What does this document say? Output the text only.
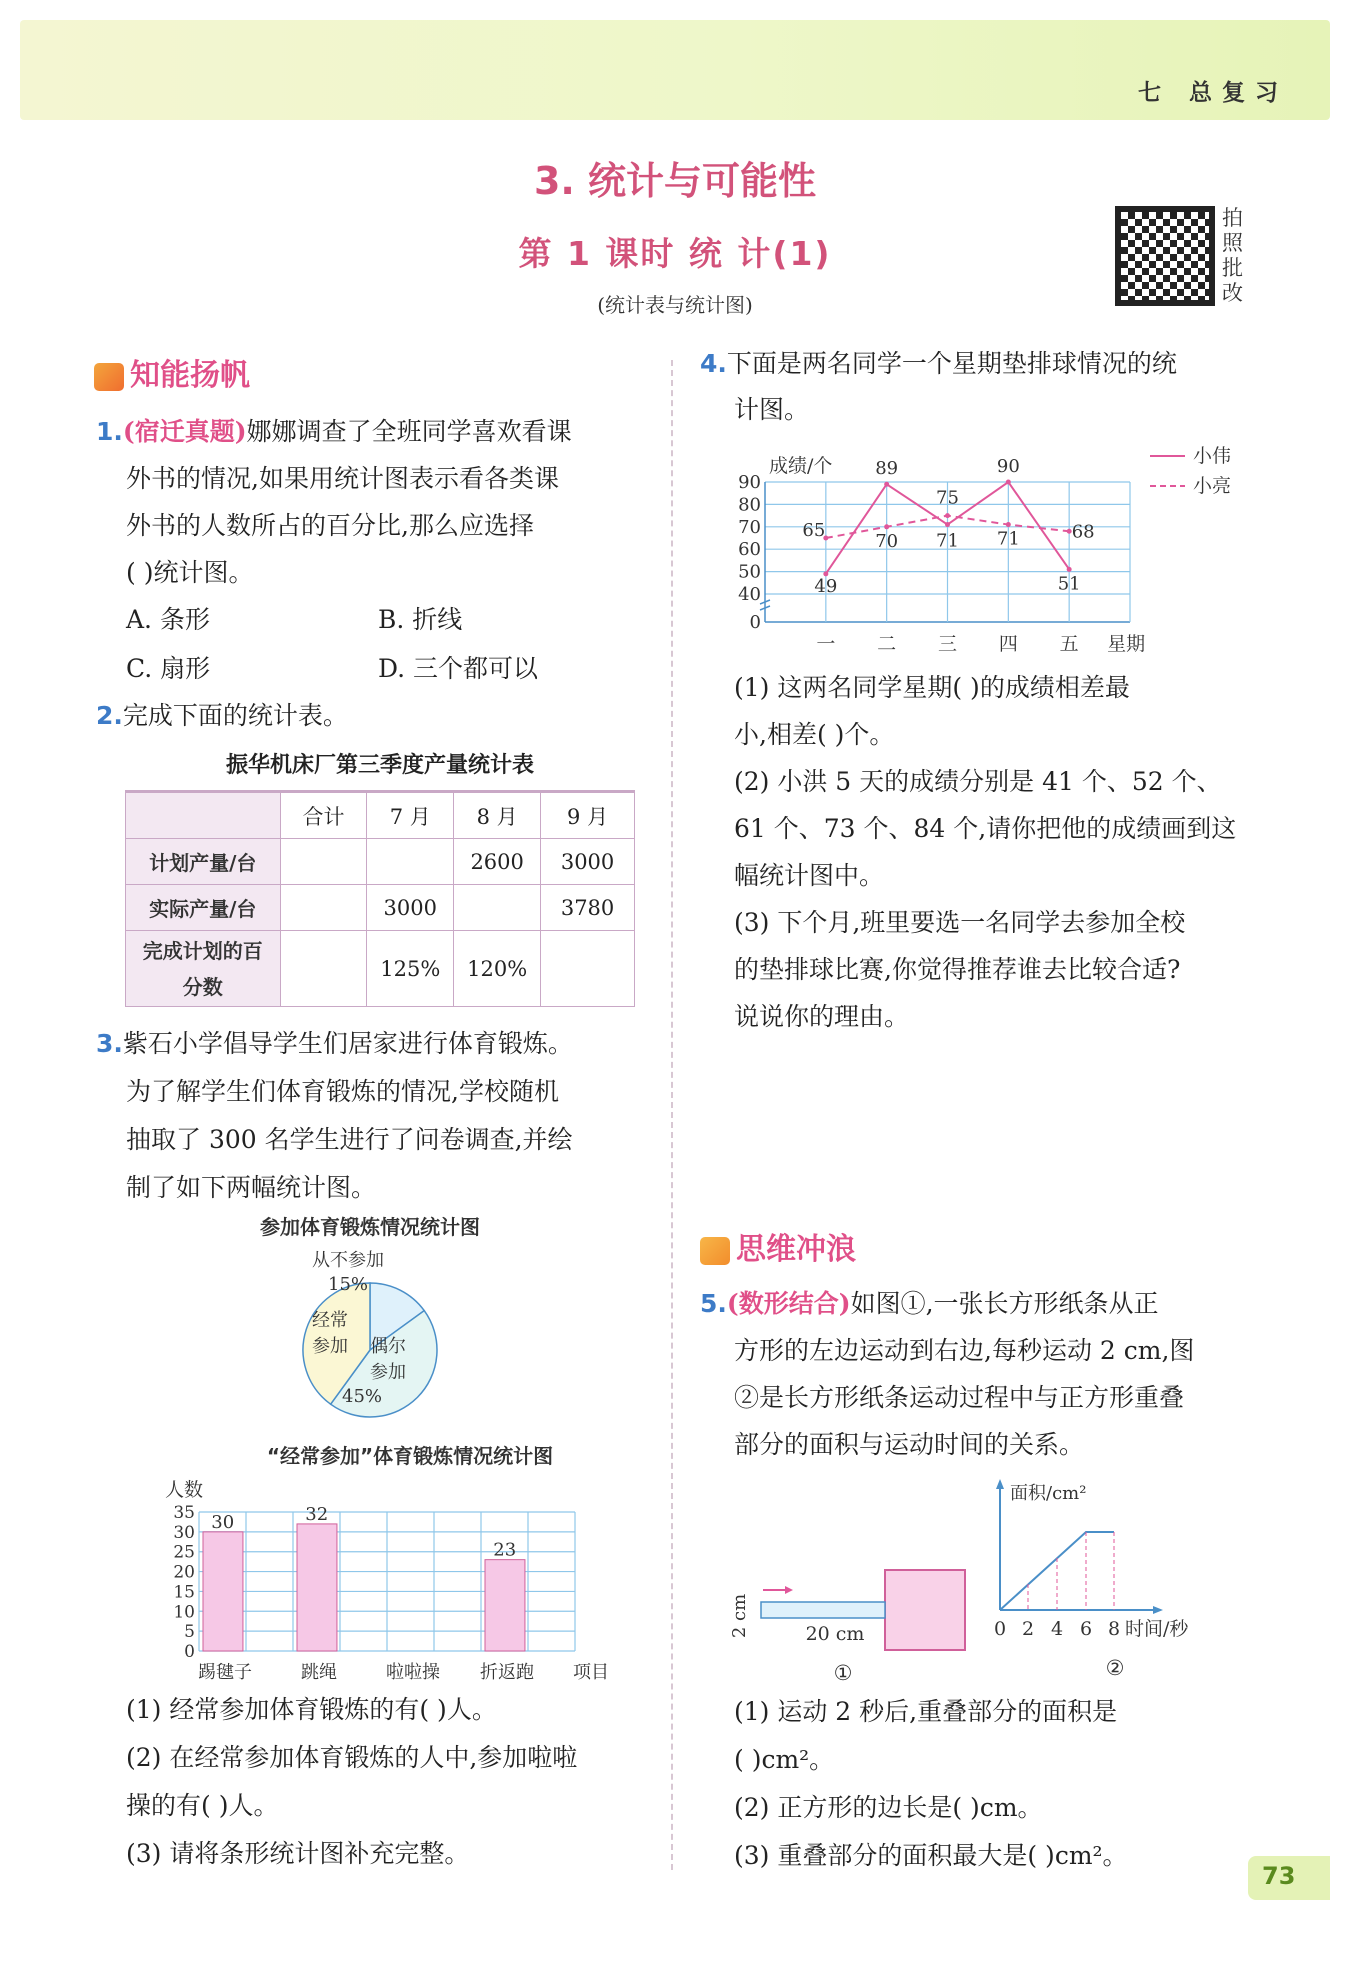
七 总复习
3. 统计与可能性
第 1 课时 统 计(1)
(统计表与统计图)
拍照批改
知能扬帆
1.(宿迁真题)娜娜调查了全班同学喜欢看课
外书的情况,如果用统计图表示看各类课
外书的人数所占的百分比,那么应选择
( )统计图。
A. 条形	B. 折线
C. 扇形	D. 三个都可以
2.完成下面的统计表。
振华机床厂第三季度产量统计表
	合计	7 月	8 月	9 月
计划产量/台			2600	3000
实际产量/台		3000		3780
完成计划的百分数		125%	120%	
3.紫石小学倡导学生们居家进行体育锻炼。
为了解学生们体育锻炼的情况,学校随机
抽取了 300 名学生进行了问卷调查,并绘
制了如下两幅统计图。
参加体育锻炼情况统计图
从不参加
15%
偶尔
参加
45%
经常
参加
“经常参加”体育锻炼情况统计图
0
5
10
15
20
25
30
35
人数
30
踢毽子
32
跳绳	啦啦操
23
折返跑 项目
(1) 经常参加体育锻炼的有( )人。
(2) 在经常参加体育锻炼的人中,参加啦啦
操的有( )人。
(3) 请将条形统计图补充完整。
4.下面是两名同学一个星期垫排球情况的统
计图。
0
40
50
60
70
80
90
成绩/个
一 二 三 四 五 星期
49
89
71
90
51
65
70
75
71	68
小伟
小亮
(1) 这两名同学星期( )的成绩相差最
小,相差( )个。
(2) 小洪 5 天的成绩分别是 41 个、52 个、
61 个、73 个、84 个,请你把他的成绩画到这
幅统计图中。
(3) 下个月,班里要选一名同学去参加全校
的垫排球比赛,你觉得推荐谁去比较合适?
说说你的理由。
思维冲浪
5.(数形结合)如图①,一张长方形纸条从正
方形的左边运动到右边,每秒运动 2 cm,图
②是长方形纸条运动过程中与正方形重叠
部分的面积与运动时间的关系。
2 cm	20 cm
①
面积/cm²
0 2 4 6 8 时间/秒
②
(1) 运动 2 秒后,重叠部分的面积是
( )cm²。
(2) 正方形的边长是( )cm。
(3) 重叠部分的面积最大是( )cm²。
73
